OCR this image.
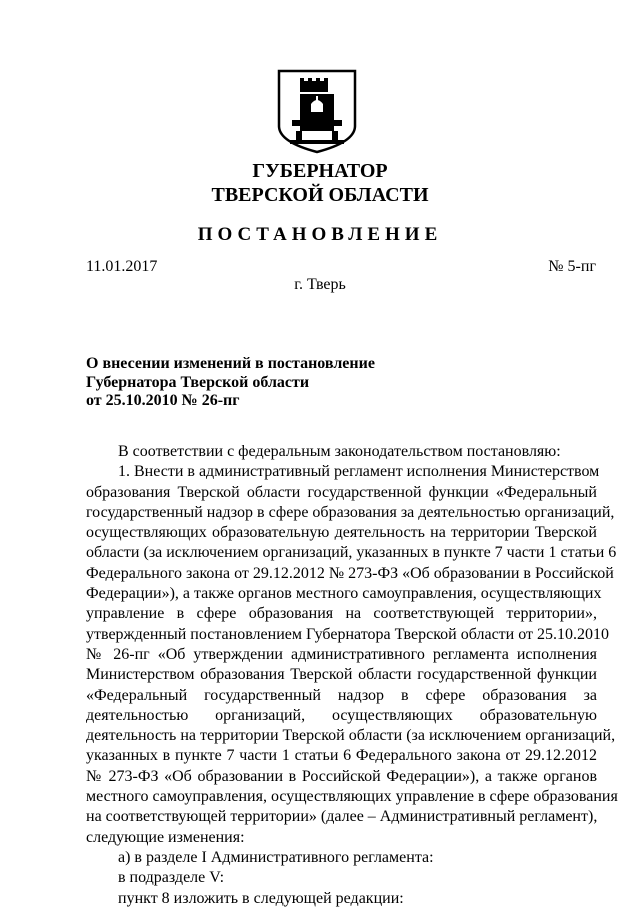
ГУБЕРНАТОР
ТВЕРСКОЙ ОБЛАСТИ
ПОСТАНОВЛЕНИЕ
11.01.2017	№ 5-пг
г. Тверь
О внесении изменений в постановление
Губернатора Тверской области
от 25.10.2010 № 26-пг
В соответствии с федеральным законодательством постановляю:
1. Внести в административный регламент исполнения Министерством
образования Тверской области государственной функции «Федеральный
государственный надзор в сфере образования за деятельностью организаций,
осуществляющих образовательную деятельность на территории Тверской
области (за исключением организаций, указанных в пункте 7 части 1 статьи 6
Федерального закона от 29.12.2012 № 273-ФЗ «Об образовании в Российской
Федерации»), а также органов местного самоуправления, осуществляющих
управление в сфере образования на соответствующей территории»,
утвержденный постановлением Губернатора Тверской области от 25.10.2010
№ 26-пг «Об утверждении административного регламента исполнения
Министерством образования Тверской области государственной функции
«Федеральный государственный надзор в сфере образования за
деятельностью организаций, осуществляющих образовательную
деятельность на территории Тверской области (за исключением организаций,
указанных в пункте 7 части 1 статьи 6 Федерального закона от 29.12.2012
№ 273-ФЗ «Об образовании в Российской Федерации»), а также органов
местного самоуправления, осуществляющих управление в сфере образования
на соответствующей территории» (далее – Административный регламент),
следующие изменения:
а) в разделе I Административного регламента:
в подразделе V:
пункт 8 изложить в следующей редакции:
